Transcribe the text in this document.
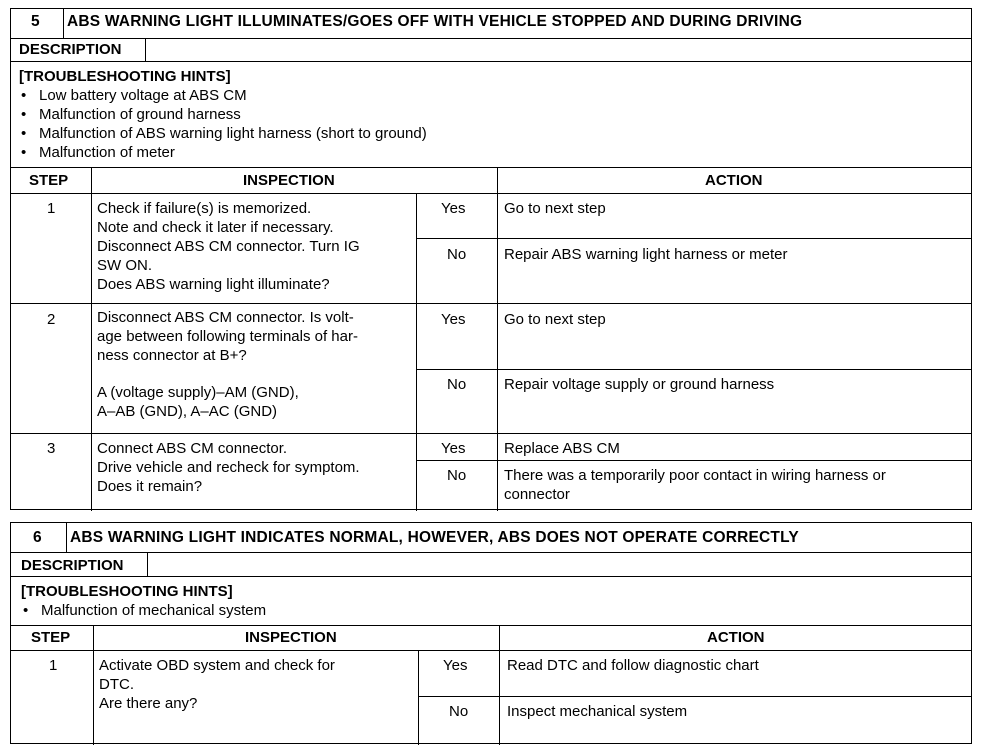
5 ABS WARNING LIGHT ILLUMINATES/GOES OFF WITH VEHICLE STOPPED AND DURING DRIVING
DESCRIPTION
[TROUBLESHOOTING HINTS]
• Low battery voltage at ABS CM
• Malfunction of ground harness
• Malfunction of ABS warning light harness (short to ground)
• Malfunction of meter
STEP	INSPECTION	ACTION
1	Check if failure(s) is memorized.
Note and check it later if necessary.
Disconnect ABS CM connector. Turn IG
SW ON.
Does ABS warning light illuminate?
Yes	Go to next step
No	Repair ABS warning light harness or meter
2	Disconnect ABS CM connector. Is volt-
age between following terminals of har-
ness connector at B+?
A (voltage supply)–AM (GND),
A–AB (GND), A–AC (GND)
Yes	Go to next step
No	Repair voltage supply or ground harness
3	Connect ABS CM connector.
Drive vehicle and recheck for symptom.
Does it remain?
Yes	Replace ABS CM
No	There was a temporarily poor contact in wiring harness or
connector
6 ABS WARNING LIGHT INDICATES NORMAL, HOWEVER, ABS DOES NOT OPERATE CORRECTLY
DESCRIPTION
[TROUBLESHOOTING HINTS]
• Malfunction of mechanical system
STEP	INSPECTION	ACTION
1	Activate OBD system and check for
DTC.
Are there any?
Yes	Read DTC and follow diagnostic chart
No	Inspect mechanical system
